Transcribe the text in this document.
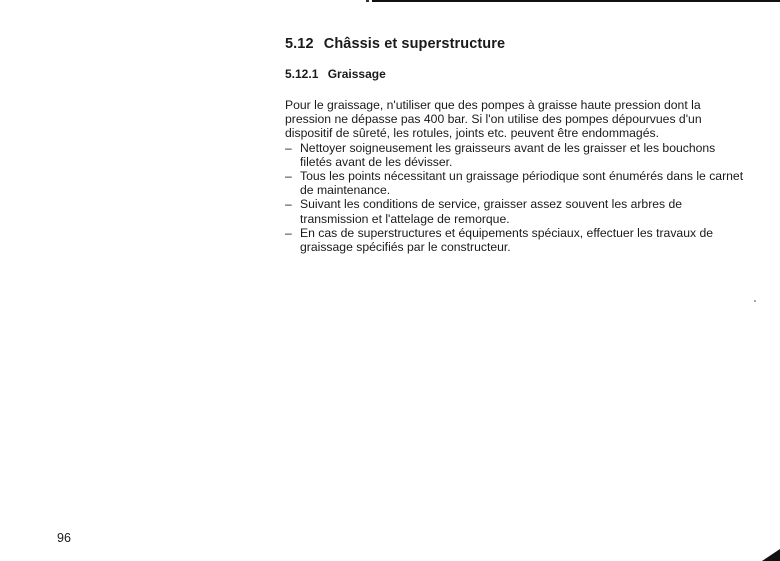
5.12 Châssis et superstructure
5.12.1 Graissage

Pour le graissage, n'utiliser que des pompes à graisse haute pression dont la pression ne dépasse pas 400 bar. Si l'on utilise des pompes dépourvues d'un dispositif de sûreté, les rotules, joints etc. peuvent être endommagés.

– Nettoyer soigneusement les graisseurs avant de les graisser et les bouchons filetés avant de les dévisser.
– Tous les points nécessitant un graissage périodique sont énumérés dans le carnet de maintenance.
– Suivant les conditions de service, graisser assez souvent les arbres de transmission et l'attelage de remorque.
– En cas de superstructures et équipements spéciaux, effectuer les travaux de graissage spécifiés par le constructeur.
96
